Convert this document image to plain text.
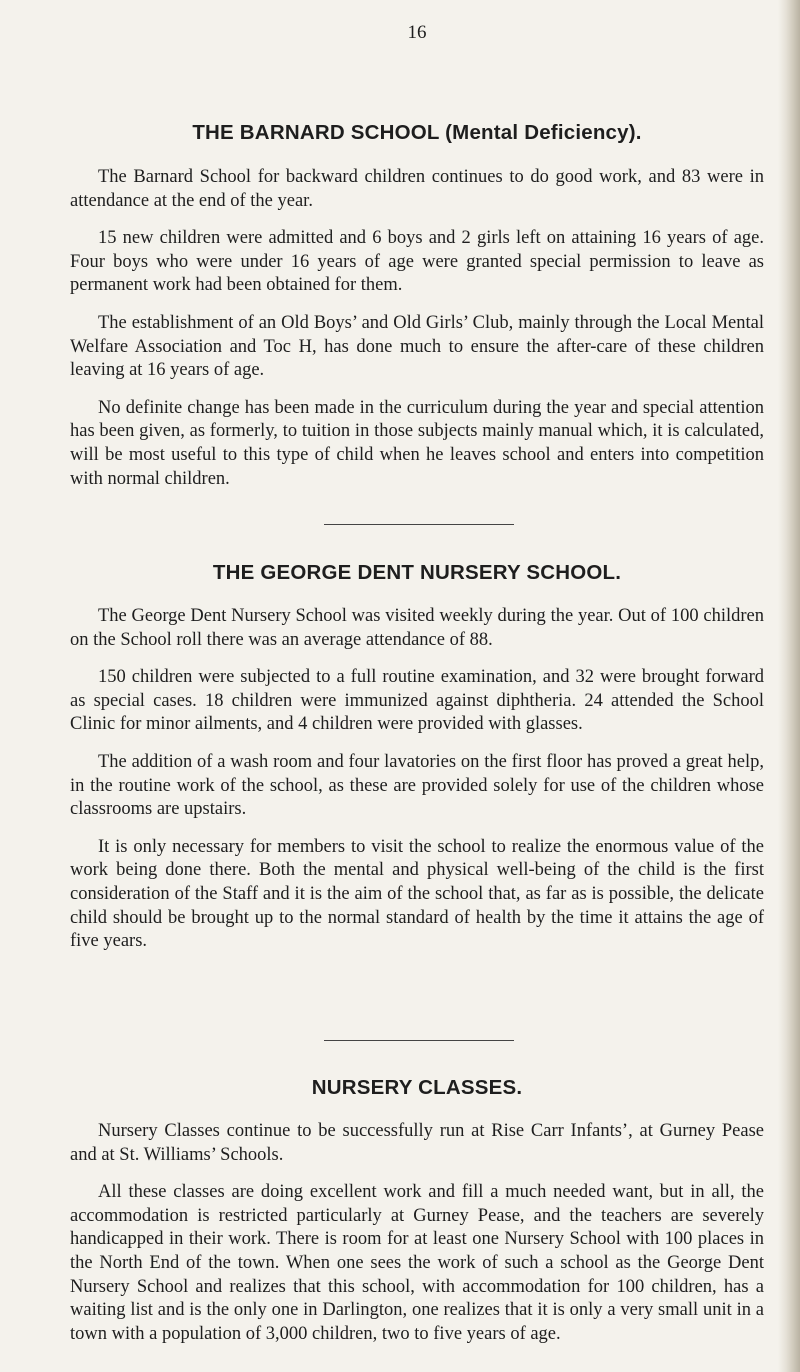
16
THE BARNARD SCHOOL (Mental Deficiency).

The Barnard School for backward children continues to do good work, and 83 were in attendance at the end of the year.

15 new children were admitted and 6 boys and 2 girls left on attaining 16 years of age. Four boys who were under 16 years of age were granted special permission to leave as permanent work had been obtained for them.

The establishment of an Old Boys’ and Old Girls’ Club, mainly through the Local Mental Welfare Association and Toc H, has done much to ensure the after-care of these children leaving at 16 years of age.

No definite change has been made in the curriculum during the year and special attention has been given, as formerly, to tuition in those subjects mainly manual which, it is calculated, will be most useful to this type of child when he leaves school and enters into competition with normal children.

THE GEORGE DENT NURSERY SCHOOL.

The George Dent Nursery School was visited weekly during the year. Out of 100 children on the School roll there was an average attendance of 88.

150 children were subjected to a full routine examination, and 32 were brought forward as special cases. 18 children were immunized against diphtheria. 24 attended the School Clinic for minor ailments, and 4 children were provided with glasses.

The addition of a wash room and four lavatories on the first floor has proved a great help, in the routine work of the school, as these are provided solely for use of the children whose classrooms are upstairs.

It is only necessary for members to visit the school to realize the enormous value of the work being done there. Both the mental and physical well-being of the child is the first consideration of the Staff and it is the aim of the school that, as far as is possible, the delicate child should be brought up to the normal standard of health by the time it attains the age of five years.

NURSERY CLASSES.

Nursery Classes continue to be successfully run at Rise Carr Infants’, at Gurney Pease and at St. Williams’ Schools.

All these classes are doing excellent work and fill a much needed want, but in all, the accommodation is restricted particularly at Gurney Pease, and the teachers are severely handicapped in their work. There is room for at least one Nursery School with 100 places in the North End of the town. When one sees the work of such a school as the George Dent Nursery School and realizes that this school, with accommodation for 100 children, has a waiting list and is the only one in Darlington, one realizes that it is only a very small unit in a town with a population of 3,000 children, two to five years of age.
